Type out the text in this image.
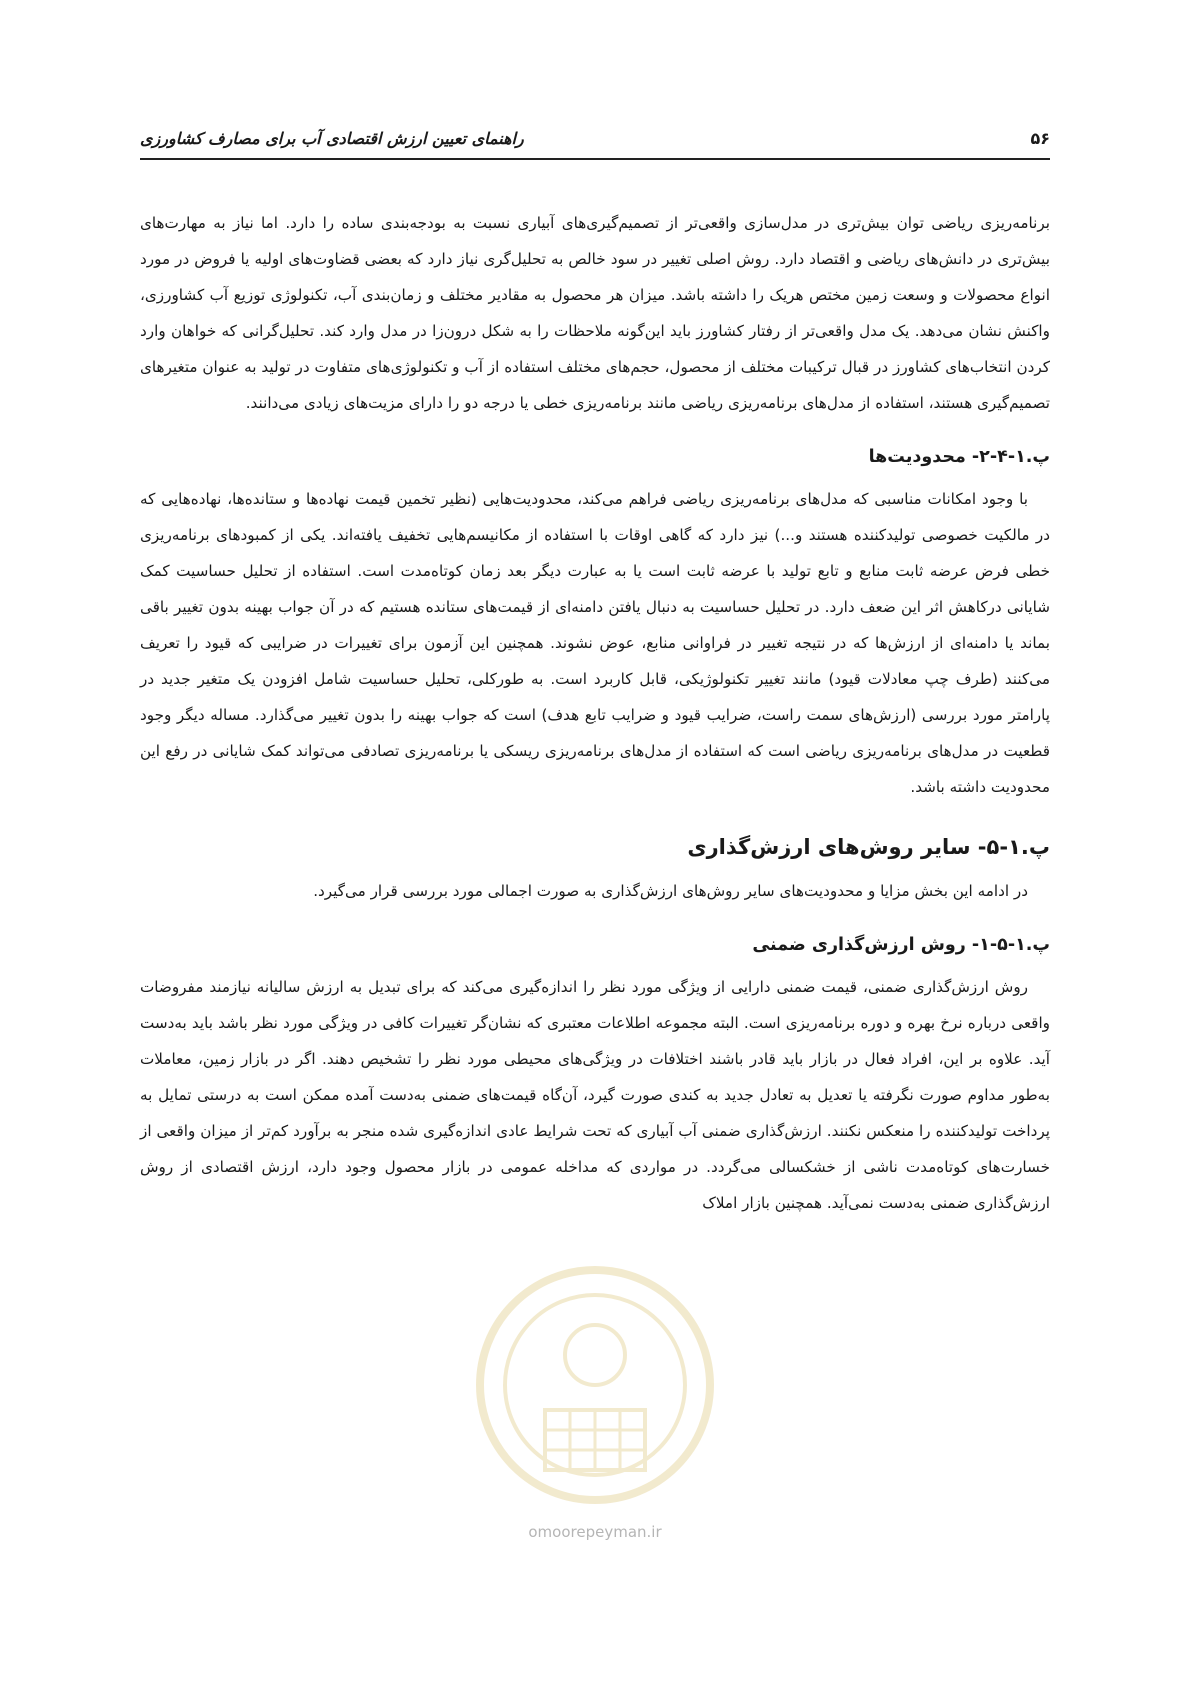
راهنمای تعیین ارزش اقتصادی آب برای مصارف کشاورزی	۵۶

برنامه‌ریزی ریاضی توان بیش‌تری در مدل‌سازی واقعی‌تر از تصمیم‌گیری‌های آبیاری نسبت به بودجه‌بندی ساده را دارد. اما نیاز به مهارت‌های بیش‌تری در دانش‌های ریاضی و اقتصاد دارد. روش اصلی تغییر در سود خالص به تحلیل‌گری نیاز دارد که بعضی قضاوت‌های اولیه یا فروض در مورد انواع محصولات و وسعت زمین مختص هریک را داشته باشد. میزان هر محصول به مقادیر مختلف و زمان‌بندی آب، تکنولوژی توزیع آب کشاورزی، واکنش نشان می‌دهد. یک مدل واقعی‌تر از رفتار کشاورز باید این‌گونه ملاحظات را به شکل درون‌زا در مدل وارد کند. تحلیل‌گرانی که خواهان وارد کردن انتخاب‌های کشاورز در قبال ترکیبات مختلف از محصول، حجم‌های مختلف استفاده از آب و تکنولوژی‌های متفاوت در تولید به عنوان متغیرهای تصمیم‌گیری هستند، استفاده از مدل‌های برنامه‌ریزی ریاضی مانند برنامه‌ریزی خطی یا درجه دو را دارای مزیت‌های زیادی می‌دانند.

پ.۱-۴-۲- محدودیت‌ها

با وجود امکانات مناسبی که مدل‌های برنامه‌ریزی ریاضی فراهم می‌کند، محدودیت‌هایی (نظیر تخمین قیمت نهاده‌ها و ستانده‌ها، نهاده‌هایی که در مالکیت خصوصی تولیدکننده هستند و...) نیز دارد که گاهی اوقات با استفاده از مکانیسم‌هایی تخفیف یافته‌اند. یکی از کمبودهای برنامه‌ریزی خطی فرض عرضه ثابت منابع و تابع تولید با عرضه ثابت است یا به عبارت دیگر بعد زمان کوتاه‌مدت است. استفاده از تحلیل حساسیت کمک شایانی درکاهش اثر این ضعف دارد. در تحلیل حساسیت به دنبال یافتن دامنه‌ای از قیمت‌های ستانده هستیم که در آن جواب بهینه بدون تغییر باقی بماند یا دامنه‌ای از ارزش‌ها که در نتیجه تغییر در فراوانی منابع، عوض نشوند. همچنین این آزمون برای تغییرات در ضرایبی که قیود را تعریف می‌کنند (طرف چپ معادلات قیود) مانند تغییر تکنولوژیکی، قابل کاربرد است. به طورکلی، تحلیل حساسیت شامل افزودن یک متغیر جدید در پارامتر مورد بررسی (ارزش‌های سمت راست، ضرایب قیود و ضرایب تابع هدف) است که جواب بهینه را بدون تغییر می‌گذارد. مساله دیگر وجود قطعیت در مدل‌های برنامه‌ریزی ریاضی است که استفاده از مدل‌های برنامه‌ریزی ریسکی یا برنامه‌ریزی تصادفی می‌تواند کمک شایانی در رفع این محدودیت داشته باشد.

پ.۱-۵- سایر روش‌های ارزش‌گذاری

در ادامه این بخش مزایا و محدودیت‌های سایر روش‌های ارزش‌گذاری به صورت اجمالی مورد بررسی قرار می‌گیرد.

پ.۱-۵-۱- روش ارزش‌گذاری ضمنی

روش ارزش‌گذاری ضمنی، قیمت ضمنی دارایی از ویژگی مورد نظر را اندازه‌گیری می‌کند که برای تبدیل به ارزش سالیانه نیازمند مفروضات واقعی درباره نرخ بهره و دوره برنامه‌ریزی است. البته مجموعه اطلاعات معتبری که نشان‌گر تغییرات کافی در ویژگی مورد نظر باشد باید به‌دست آید. علاوه بر این، افراد فعال در بازار باید قادر باشند اختلافات در ویژگی‌های محیطی مورد نظر را تشخیص دهند. اگر در بازار زمین، معاملات به‌طور مداوم صورت نگرفته یا تعدیل به تعادل جدید به کندی صورت گیرد، آن‌گاه قیمت‌های ضمنی به‌دست آمده ممکن است به درستی تمایل به پرداخت تولیدکننده را منعکس نکنند. ارزش‌گذاری ضمنی آب آبیاری که تحت شرایط عادی اندازه‌گیری شده منجر به برآورد کم‌تر از میزان واقعی از خسارت‌های کوتاه‌مدت ناشی از خشکسالی می‌گردد. در مواردی که مداخله عمومی در بازار محصول وجود دارد، ارزش اقتصادی از روش ارزش‌گذاری ضمنی به‌دست نمی‌آید. همچنین بازار املاک

omoorepeyman.ir
